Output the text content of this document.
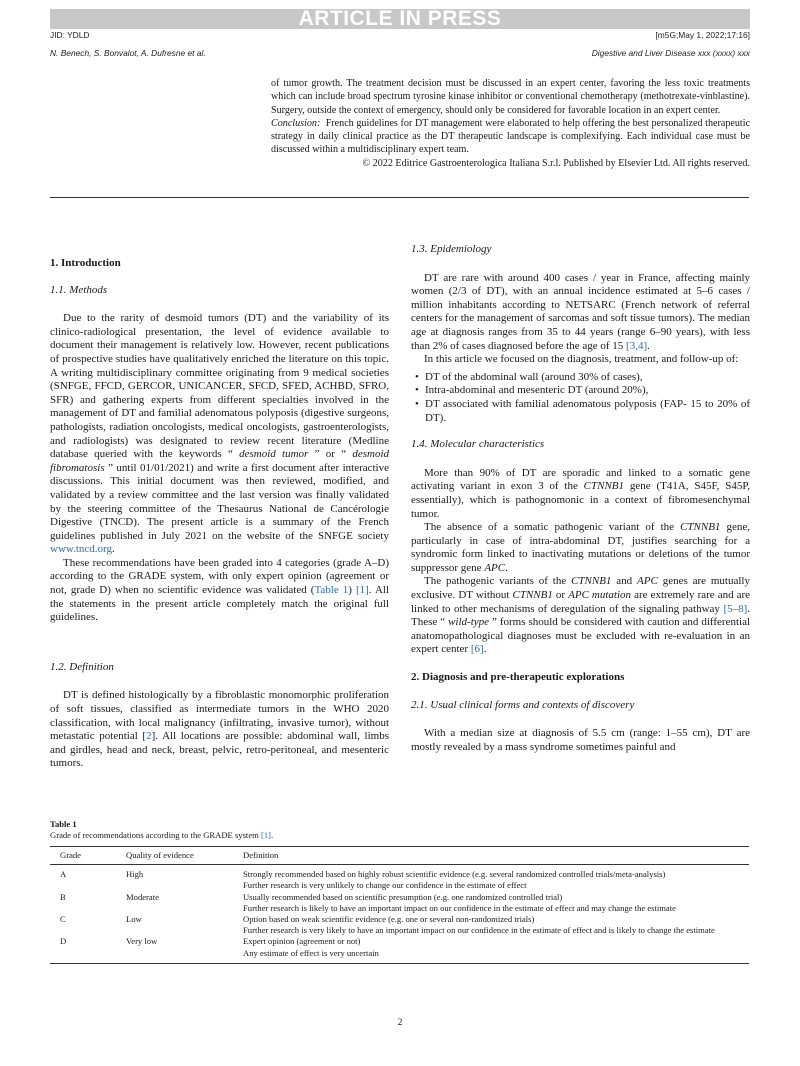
ARTICLE IN PRESS
JID: YDLD	[m5G;May 1, 2022;17:16]
N. Benech, S. Bonvalot, A. Dufresne et al.	Digestive and Liver Disease xxx (xxxx) xxx

of tumor growth. The treatment decision must be discussed in an expert center, favoring the less toxic treatments which can include broad spectrum tyrosine kinase inhibitor or conventional chemotherapy (methotrexate-vinblastine). Surgery, outside the context of emergency, should only be considered for favorable location in an expert center.

Conclusion: French guidelines for DT management were elaborated to help offering the best personalized therapeutic strategy in daily clinical practice as the DT therapeutic landscape is complexifying. Each individual case must be discussed within a multidisciplinary expert team.

© 2022 Editrice Gastroenterologica Italiana S.r.l. Published by Elsevier Ltd. All rights reserved.

1. Introduction
1.1. Methods

Due to the rarity of desmoid tumors (DT) and the variability of its clinico-radiological presentation, the level of evidence available to document their management is relatively low. However, recent publications of prospective studies have qualitatively enriched the literature on this topic. A writing multidisciplinary committee originating from 9 medical societies (SNFGE, FFCD, GERCOR, UNICANCER, SFCD, SFED, ACHBD, SFRO, SFR) and gathering experts from different specialties involved in the management of DT and familial adenomatous polyposis (digestive surgeons, pathologists, radiation oncologists, medical oncologists, gastroenterologists, and radiologists) was designated to review recent literature (Medline database queried with the keywords “ desmoid tumor ” or “ desmoid fibromatosis ” until 01/01/2021) and write a first document after interactive discussions. This initial document was then reviewed, modified, and validated by a review committee and the last version was finally validated by the steering committee of the Thesaurus National de Cancérologie Digestive (TNCD). The present article is a summary of the French guidelines published in July 2021 on the website of the SNFGE society www.tncd.org.

These recommendations have been graded into 4 categories (grade A–D) according to the GRADE system, with only expert opinion (agreement or not, grade D) when no scientific evidence was validated (Table 1) [1]. All the statements in the present article completely match the original full guidelines.

1.2. Definition

DT is defined histologically by a fibroblastic monomorphic proliferation of soft tissues, classified as intermediate tumors in the WHO 2020 classification, with local malignancy (infiltrating, invasive tumor), without metastatic potential [2]. All locations are possible: abdominal wall, limbs and girdles, head and neck, breast, pelvic, retro-peritoneal, and mesenteric tumors.

1.3. Epidemiology

DT are rare with around 400 cases / year in France, affecting mainly women (2/3 of DT), with an annual incidence estimated at 5–6 cases / million inhabitants according to NETSARC (French network of referral centers for the management of sarcomas and soft tissue tumors). The median age at diagnosis ranges from 35 to 44 years (range 6–90 years), with less than 2% of cases diagnosed before the age of 15 [3,4].

In this article we focused on the diagnosis, treatment, and follow-up of:

• DT of the abdominal wall (around 30% of cases),
• Intra-abdominal and mesenteric DT (around 20%),
• DT associated with familial adenomatous polyposis (FAP- 15 to 20% of DT).
1.4. Molecular characteristics

More than 90% of DT are sporadic and linked to a somatic gene activating variant in exon 3 of the CTNNB1 gene (T41A, S45F, S45P, essentially), which is pathognomonic in a context of fibromesenchymal tumor.

The absence of a somatic pathogenic variant of the CTNNB1 gene, particularly in case of intra-abdominal DT, justifies searching for a syndromic form linked to inactivating mutations or deletions of the tumor suppressor gene APC.

The pathogenic variants of the CTNNB1 and APC genes are mutually exclusive. DT without CTNNB1 or APC mutation are extremely rare and are linked to other mechanisms of deregulation of the signaling pathway [5–8]. These “ wild-type ” forms should be considered with caution and differential anatomopathological diagnoses must be excluded with re-evaluation in an expert center [6].

2. Diagnosis and pre-therapeutic explorations
2.1. Usual clinical forms and contexts of discovery

With a median size at diagnosis of 5.5 cm (range: 1–55 cm), DT are mostly revealed by a mass syndrome sometimes painful and

Table 1
Grade of recommendations according to the GRADE system [1].
Grade	Quality of evidence	Definition
A	High	Strongly recommended based on highly robust scientific evidence (e.g. several randomized controlled trials/meta-analysis)
Further research is very unlikely to change our confidence in the estimate of effect

B	Moderate	Usually recommended based on scientific presumption (e.g. one randomized controlled trial)
Further research is likely to have an important impact on our confidence in the estimate of effect and may change the estimate

C	Low	Option based on weak scientific evidence (e.g. one or several non-randomized trials)
Further research is very likely to have an important impact on our confidence in the estimate of effect and is likely to change the estimate

D	Very low	Expert opinion (agreement or not)
Any estimate of effect is very uncertain
2
